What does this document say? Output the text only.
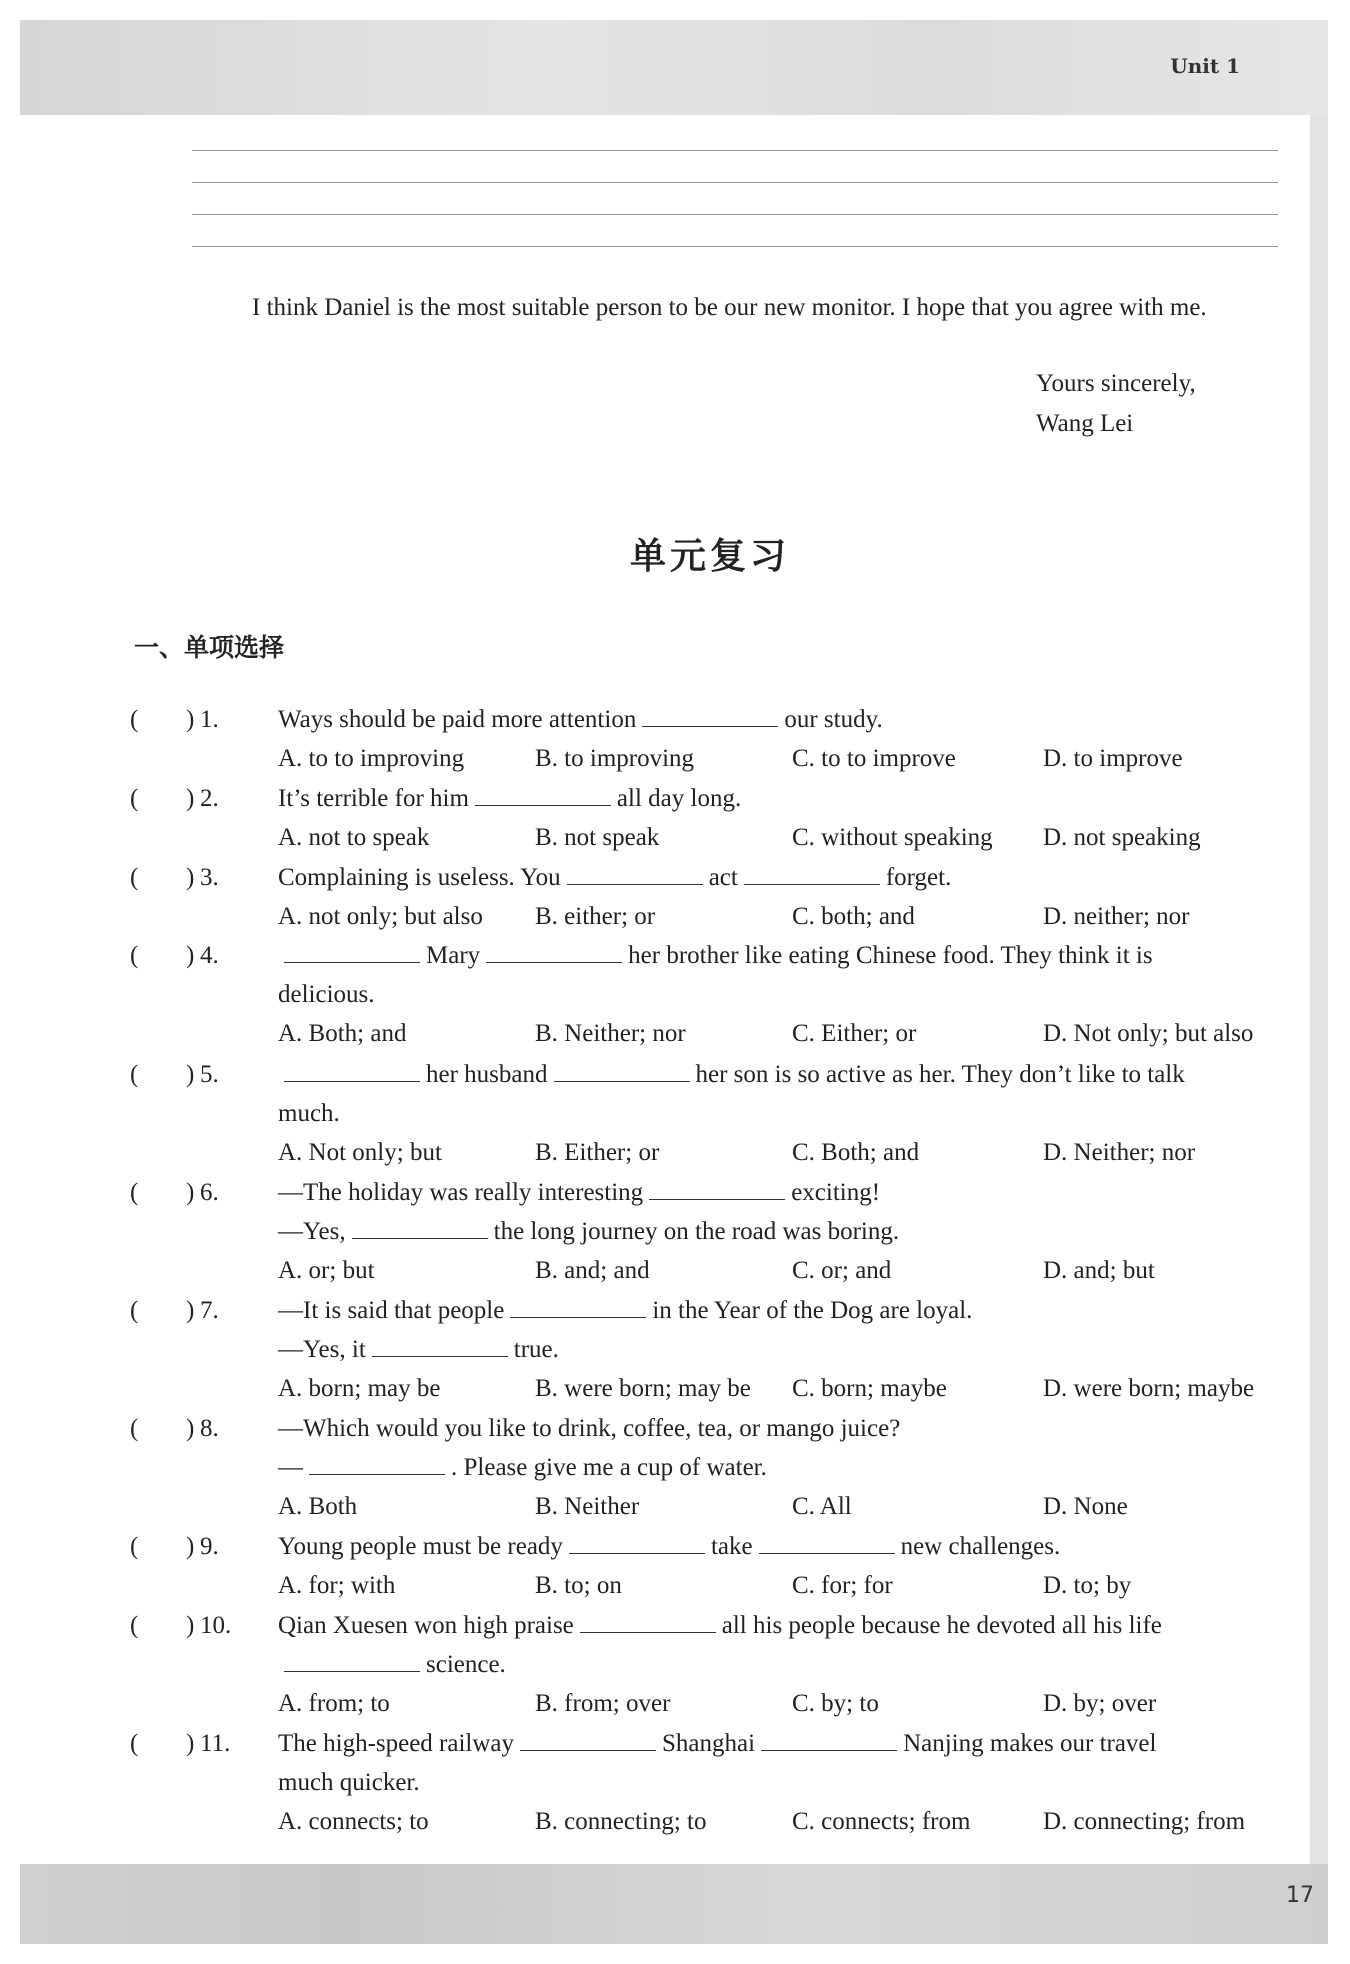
Unit 1
I think Daniel is the most suitable person to be our new monitor. I hope that you agree with me.
Yours sincerely,
Wang Lei
单元复习
一、单项选择
( ) 1. Ways should be paid more attention	our study.
A. to to improving	B. to improving	C. to to improve	D. to improve
( ) 2. It’s terrible for him	all day long.
A. not to speak	B. not speak	C. without speaking D. not speaking
( ) 3. Complaining is useless. You	act	forget.
A. not only; but also B. either; or	C. both; and	D. neither; nor
( ) 4.	Mary	her brother like eating Chinese food. They think it is
delicious.
A. Both; and	B. Neither; nor	C. Either; or	D. Not only; but also
( ) 5.	her husband	her son is so active as her. They don’t like to talk
much.
A. Not only; but	B. Either; or	C. Both; and	D. Neither; nor
( ) 6. —The holiday was really interesting	exciting!
—Yes,	the long journey on the road was boring.
A. or; but	B. and; and	C. or; and	D. and; but
( ) 7. —It is said that people	in the Year of the Dog are loyal.
—Yes, it	true.
A. born; may be	B. were born; may be C. born; maybe	D. were born; maybe
( ) 8. —Which would you like to drink, coffee, tea, or mango juice?
—	. Please give me a cup of water.
A. Both	B. Neither	C. All	D. None
( ) 9. Young people must be ready	take	new challenges.
A. for; with	B. to; on	C. for; for	D. to; by
( ) 10. Qian Xuesen won high praise	all his people because he devoted all his life
science.
A. from; to	B. from; over	C. by; to	D. by; over
( ) 11. The high-speed railway	Shanghai	Nanjing makes our travel
much quicker.
A. connects; to	B. connecting; to	C. connects; from	D. connecting; from
17
